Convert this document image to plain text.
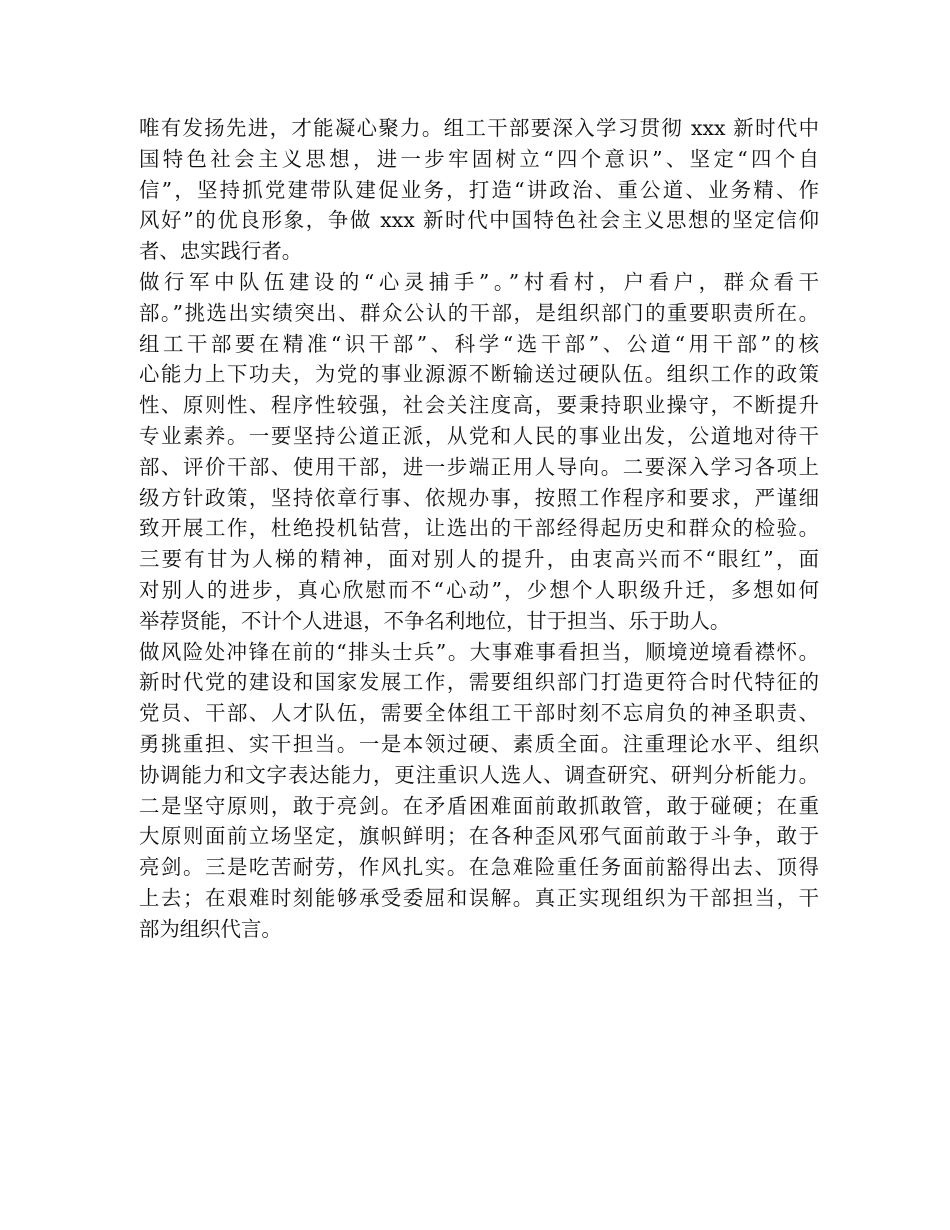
唯有发扬先进，才能凝心聚力。组工干部要深入学习贯彻 xxx 新时代中
国特色社会主义思想，进一步牢固树立“四个意识”、坚定“四个自
信”，坚持抓党建带队建促业务，打造“讲政治、重公道、业务精、作
风好”的优良形象，争做 xxx 新时代中国特色社会主义思想的坚定信仰
者、忠实践行者。
做行军中队伍建设的“心灵捕手”。”村看村，户看户，群众看干
部。”挑选出实绩突出、群众公认的干部，是组织部门的重要职责所在。
组工干部要在精准“识干部”、科学“选干部”、公道“用干部”的核
心能力上下功夫，为党的事业源源不断输送过硬队伍。组织工作的政策
性、原则性、程序性较强，社会关注度高，要秉持职业操守，不断提升
专业素养。一要坚持公道正派，从党和人民的事业出发，公道地对待干
部、评价干部、使用干部，进一步端正用人导向。二要深入学习各项上
级方针政策，坚持依章行事、依规办事，按照工作程序和要求，严谨细
致开展工作，杜绝投机钻营，让选出的干部经得起历史和群众的检验。
三要有甘为人梯的精神，面对别人的提升，由衷高兴而不“眼红”，面
对别人的进步，真心欣慰而不“心动”，少想个人职级升迁，多想如何
举荐贤能，不计个人进退，不争名利地位，甘于担当、乐于助人。
做风险处冲锋在前的“排头士兵”。大事难事看担当，顺境逆境看襟怀。
新时代党的建设和国家发展工作，需要组织部门打造更符合时代特征的
党员、干部、人才队伍，需要全体组工干部时刻不忘肩负的神圣职责、
勇挑重担、实干担当。一是本领过硬、素质全面。注重理论水平、组织
协调能力和文字表达能力，更注重识人选人、调查研究、研判分析能力。
二是坚守原则，敢于亮剑。在矛盾困难面前敢抓敢管，敢于碰硬；在重
大原则面前立场坚定，旗帜鲜明；在各种歪风邪气面前敢于斗争，敢于
亮剑。三是吃苦耐劳，作风扎实。在急难险重任务面前豁得出去、顶得
上去；在艰难时刻能够承受委屈和误解。真正实现组织为干部担当，干
部为组织代言。
